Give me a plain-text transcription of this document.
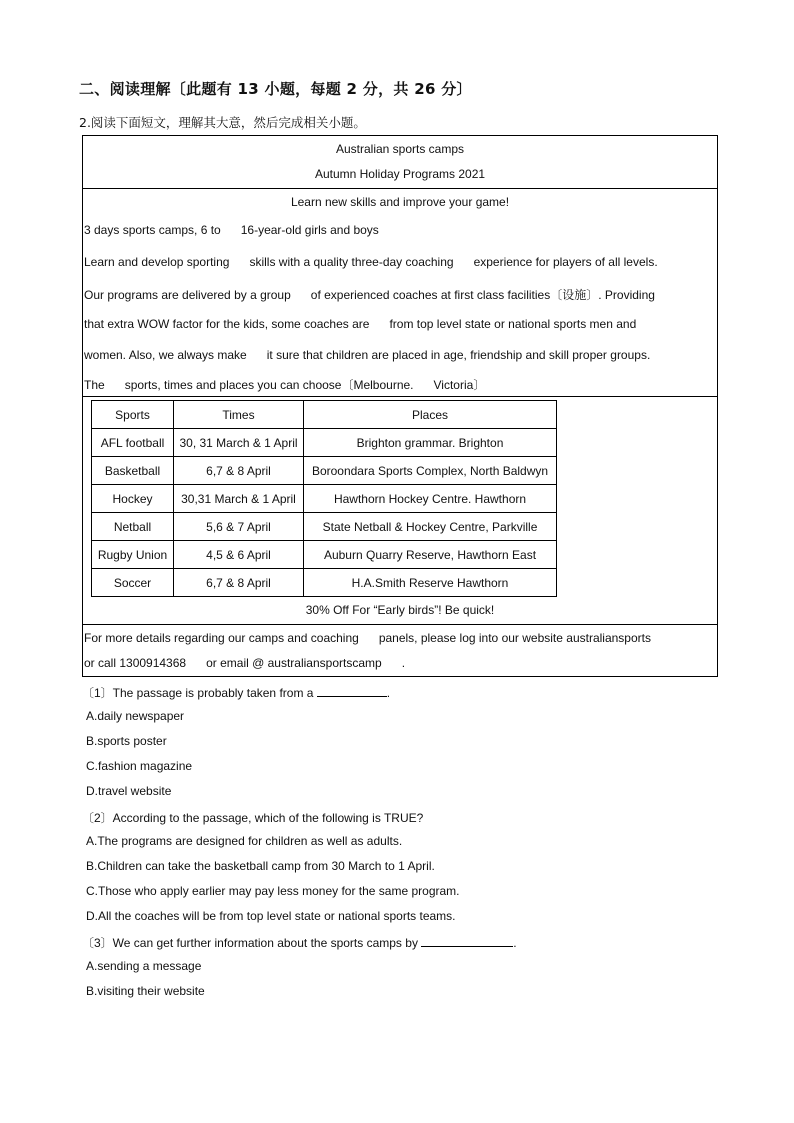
二、阅读理解〔此题有 13 小题，每题 2 分，共 26 分〕
2.阅读下面短文，理解其大意，然后完成相关小题。
Australian sports camps
Autumn Holiday Programs 2021
Learn new skills and improve your game!
3 days sports camps, 6 to 16-year-old girls and boys
Learn and develop sporting skills with a quality three-day coaching experience for players of all levels.
Our programs are delivered by a group of experienced coaches at first class facilities〔设施〕. Providing
that extra WOW factor for the kids, some coaches are from top level state or national sports men and
women. Also, we always make it sure that children are placed in age, friendship and skill proper groups.
The sports, times and places you can choose〔Melbourne. Victoria〕
Sports	Times	Places
AFL football	30, 31 March & 1 April	Brighton grammar. Brighton
Basketball	6,7 & 8 April	Boroondara Sports Complex, North Baldwyn
Hockey	30,31 March & 1 April	Hawthorn Hockey Centre. Hawthorn
Netball	5,6 & 7 April	State Netball & Hockey Centre, Parkville
Rugby Union	4,5 & 6 April	Auburn Quarry Reserve, Hawthorn East
Soccer	6,7 & 8 April	H.A.Smith Reserve Hawthorn
30% Off For “Early birds”! Be quick!
For more details regarding our camps and coaching panels, please log into our website australiansports
or call 1300914368 or email @ australiansportscamp .
〔1〕The passage is probably taken from a	.
A.daily newspaper
B.sports poster
C.fashion magazine
D.travel website
〔2〕According to the passage, which of the following is TRUE?
A.The programs are designed for children as well as adults.
B.Children can take the basketball camp from 30 March to 1 April.
C.Those who apply earlier may pay less money for the same program.
D.All the coaches will be from top level state or national sports teams.
〔3〕We can get further information about the sports camps by	.
A.sending a message
B.visiting their website
